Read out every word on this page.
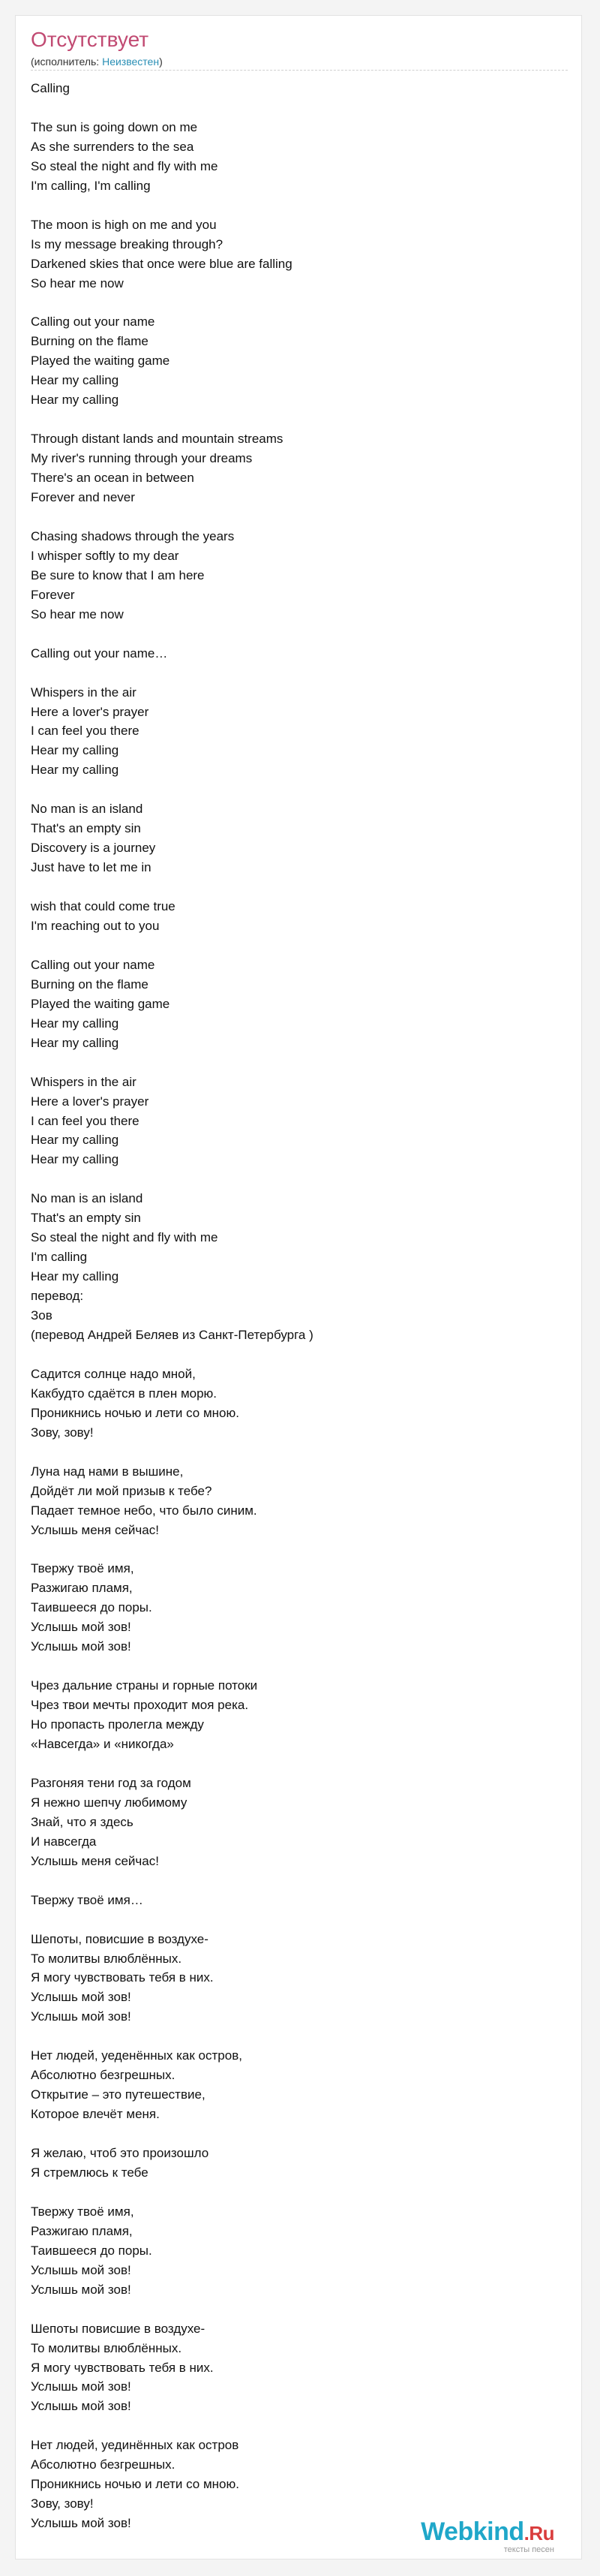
Отсутствует
(исполнитель: Неизвестен)
Calling

The sun is going down on me
As she surrenders to the sea
So steal the night and fly with me
I'm calling, I'm calling

The moon is high on me and you
Is my message breaking through?
Darkened skies that once were blue are falling
So hear me now

Calling out your name
Burning on the flame
Played the waiting game
Hear my calling
Hear my calling

Through distant lands and mountain streams
My river's running through your dreams
There's an ocean in between
Forever and never

Chasing shadows through the years
I whisper softly to my dear
Be sure to know that I am here
Forever
So hear me now

Calling out your name…

Whispers in the air
Here a lover's prayer
I can feel you there
Hear my calling
Hear my calling

No man is an island
That's an empty sin
Discovery is a journey
Just have to let me in

wish that could come true
I'm reaching out to you

Calling out your name
Burning on the flame
Played the waiting game
Hear my calling
Hear my calling

Whispers in the air
Here a lover's prayer
I can feel you there
Hear my calling
Hear my calling

No man is an island
That's an empty sin
So steal the night and fly with me
I'm calling
Hear my calling
перевод:
Зов
(перевод Андрей Беляев из Санкт-Петербурга )

Садится солнце надо мной,
Какбудто сдаётся в плен морю.
Проникнись ночью и лети со мною.
Зову, зову!

Луна над нами в вышине,
Дойдёт ли мой призыв к тебе?
Падает темное небо, что было синим.
Услышь меня сейчас!

Твержу твоё имя,
Разжигаю пламя,
Таившееся до поры.
Услышь мой зов!
Услышь мой зов!

Чрез дальние страны и горные потоки
Чрез твои мечты проходит моя река.
Но пропасть пролегла между
«Навсегда» и «никогда»

Разгоняя тени год за годом
Я нежно шепчу любимому
Знай, что я здесь
И навсегда
Услышь меня сейчас!

Твержу твоё имя…

Шепоты, повисшие в воздухе-
То молитвы влюблённых.
Я могу чувствовать тебя в них.
Услышь мой зов!
Услышь мой зов!

Нет людей, уеденённых как остров,
Абсолютно безгрешных.
Открытие – это путешествие,
Которое влечёт меня.

Я желаю, чтоб это произошло
Я стремлюсь к тебе

Твержу твоё имя,
Разжигаю пламя,
Таившееся до поры.
Услышь мой зов!
Услышь мой зов!

Шепоты повисшие в воздухе-
То молитвы влюблённых.
Я могу чувствовать тебя в них.
Услышь мой зов!
Услышь мой зов!

Нет людей, уединённых как остров
Абсолютно безгрешных.
Проникнись ночью и лети со мною.
Зову, зову!
Услышь мой зов!	Webkind.Ru
тексты песен
